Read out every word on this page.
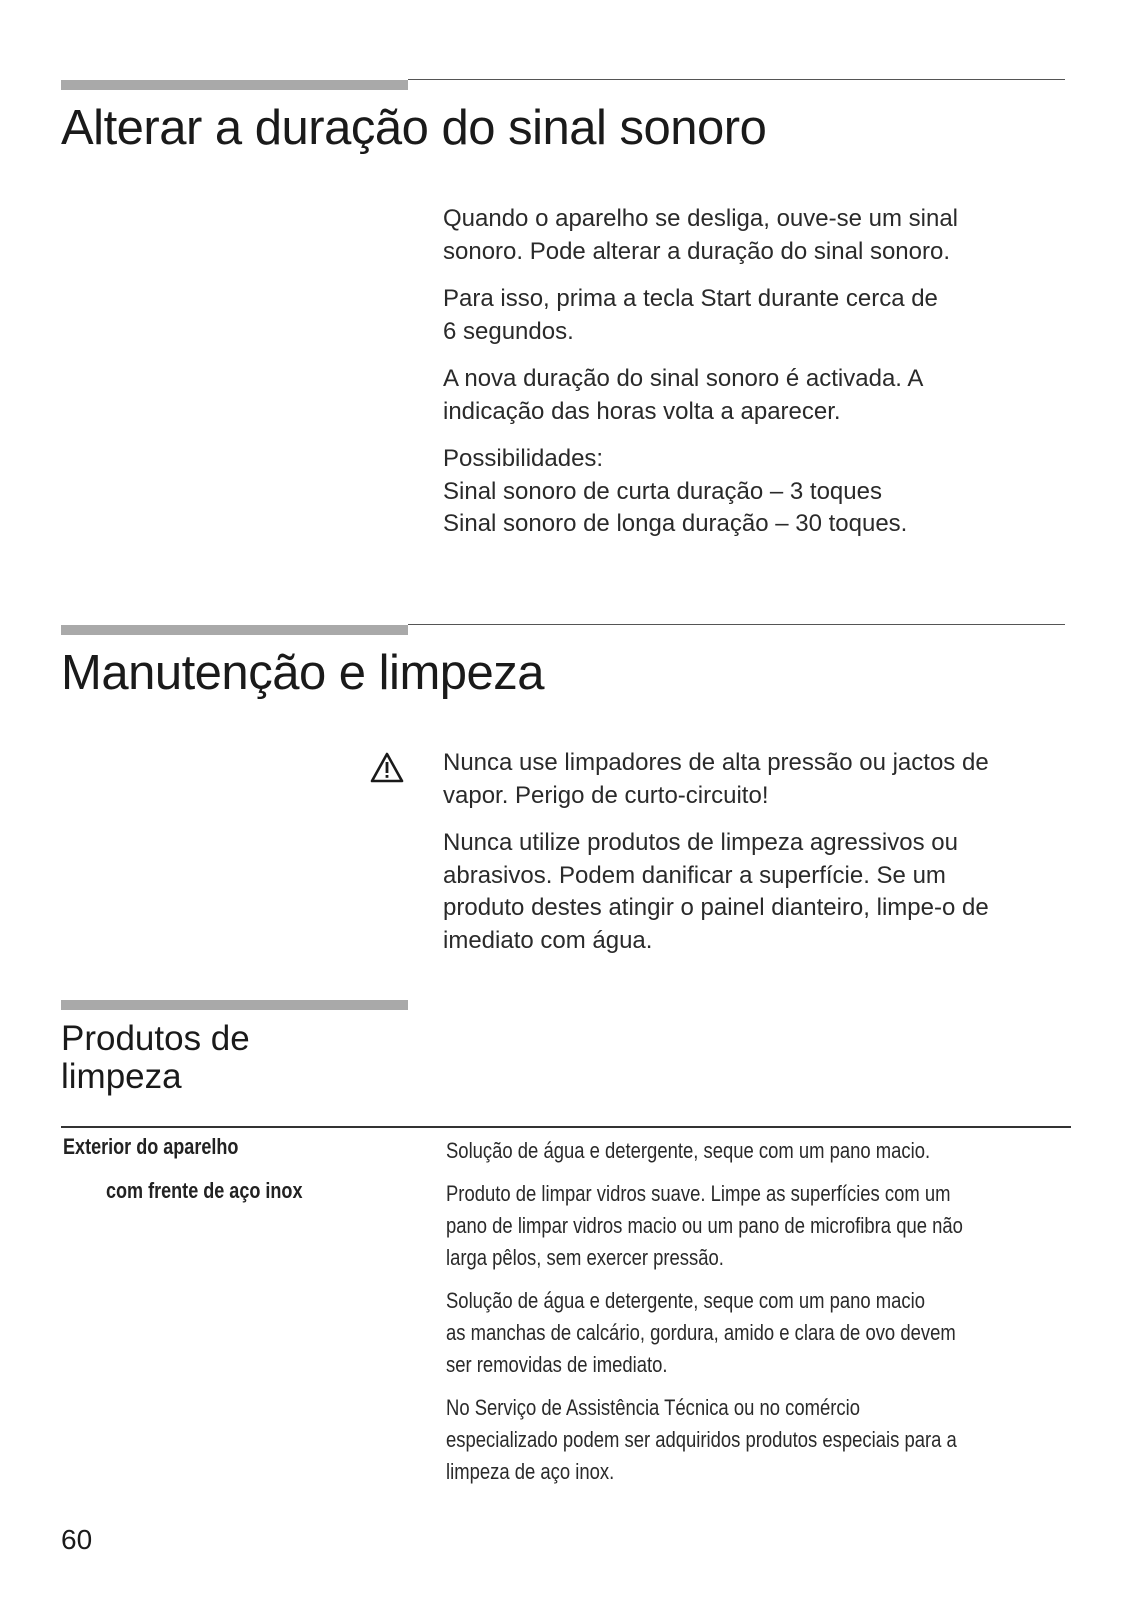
Alterar a duração do sinal sonoro

Quando o aparelho se desliga, ouve-se um sinal
sonoro. Pode alterar a duração do sinal sonoro.

Para isso, prima a tecla Start durante cerca de
6 segundos.

A nova duração do sinal sonoro é activada. A
indicação das horas volta a aparecer.

Possibilidades:
Sinal sonoro de curta duração – 3 toques
Sinal sonoro de longa duração – 30 toques.

Manutenção e limpeza

Nunca use limpadores de alta pressão ou jactos de
vapor. Perigo de curto-circuito!

Nunca utilize produtos de limpeza agressivos ou
abrasivos. Podem danificar a superfície. Se um
produto destes atingir o painel dianteiro, limpe-o de
imediato com água.

Produtos de
limpeza
Exterior do aparelho
com frente de aço inox

Solução de água e detergente, seque com um pano macio.

Produto de limpar vidros suave. Limpe as superfícies com um
pano de limpar vidros macio ou um pano de microfibra que não
larga pêlos, sem exercer pressão.

Solução de água e detergente, seque com um pano macio
as manchas de calcário, gordura, amido e clara de ovo devem
ser removidas de imediato.

No Serviço de Assistência Técnica ou no comércio
especializado podem ser adquiridos produtos especiais para a
limpeza de aço inox.

60
